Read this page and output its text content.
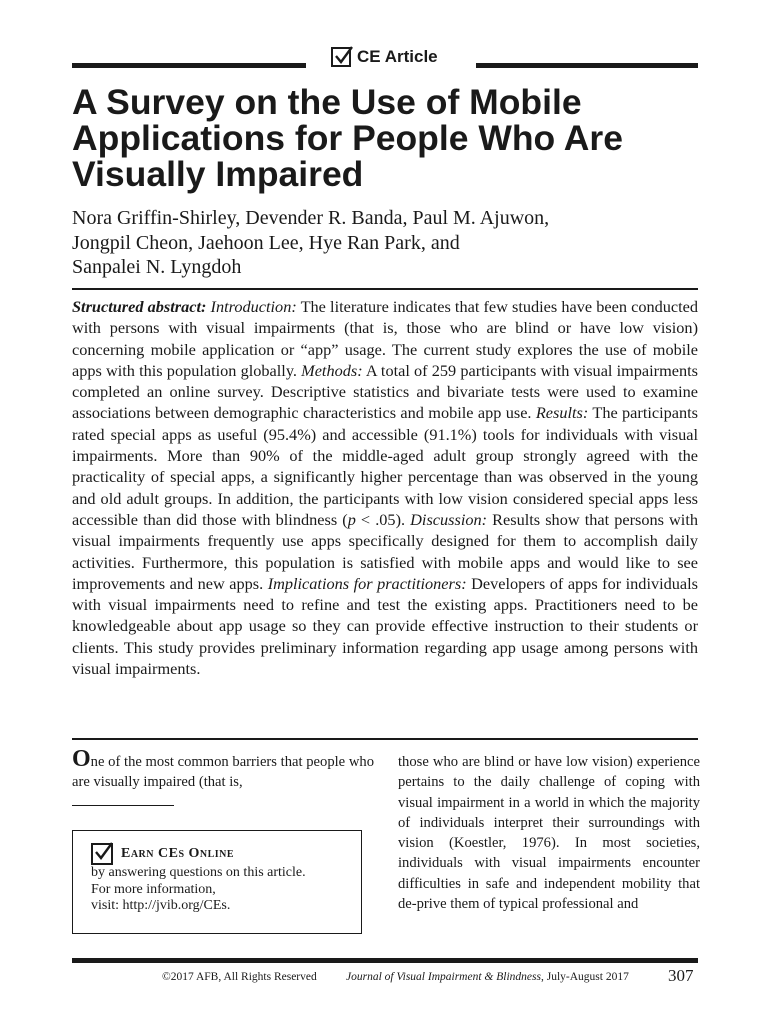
CE Article
A Survey on the Use of Mobile Applications for People Who Are Visually Impaired

Nora Griffin-Shirley, Devender R. Banda, Paul M. Ajuwon,
Jongpil Cheon, Jaehoon Lee, Hye Ran Park, and
Sanpalei N. Lyngdoh

Structured abstract: Introduction: The literature indicates that few studies have been conducted with persons with visual impairments (that is, those who are blind or have low vision) concerning mobile application or “app” usage. The current study explores the use of mobile apps with this population globally. Methods: A total of 259 participants with visual impairments completed an online survey. Descriptive statistics and bivariate tests were used to examine associations between demographic characteristics and mobile app use. Results: The participants rated special apps as useful (95.4%) and accessible (91.1%) tools for individuals with visual impairments. More than 90% of the middle-aged adult group strongly agreed with the practicality of special apps, a significantly higher percentage than was observed in the young and old adult groups. In addition, the participants with low vision considered special apps less accessible than did those with blindness (p < .05). Discussion: Results show that persons with visual impairments frequently use apps specifically designed for them to accomplish daily activities. Furthermore, this population is satisfied with mobile apps and would like to see improvements and new apps. Implications for practitioners: Developers of apps for individuals with visual impairments need to refine and test the existing apps. Practitioners need to be knowledgeable about app usage so they can provide effective instruction to their students or clients. This study provides preliminary information regarding app usage among persons with visual impairments.

One of the most common barriers that people who are visually impaired (that is,
Earn CEs Online
by answering questions on this article.
For more information,
visit: http://jvib.org/CEs.
those who are blind or have low vision) experience pertains to the daily challenge of coping with visual impairment in a world in which the majority of individuals interpret their surroundings with vision (Koestler, 1976). In most societies, individuals with visual impairments encounter difficulties in safe and independent mobility that de-prive them of typical professional and
©2017 AFB, All Rights Reserved	Journal of Visual Impairment & Blindness, July-August 2017 307
